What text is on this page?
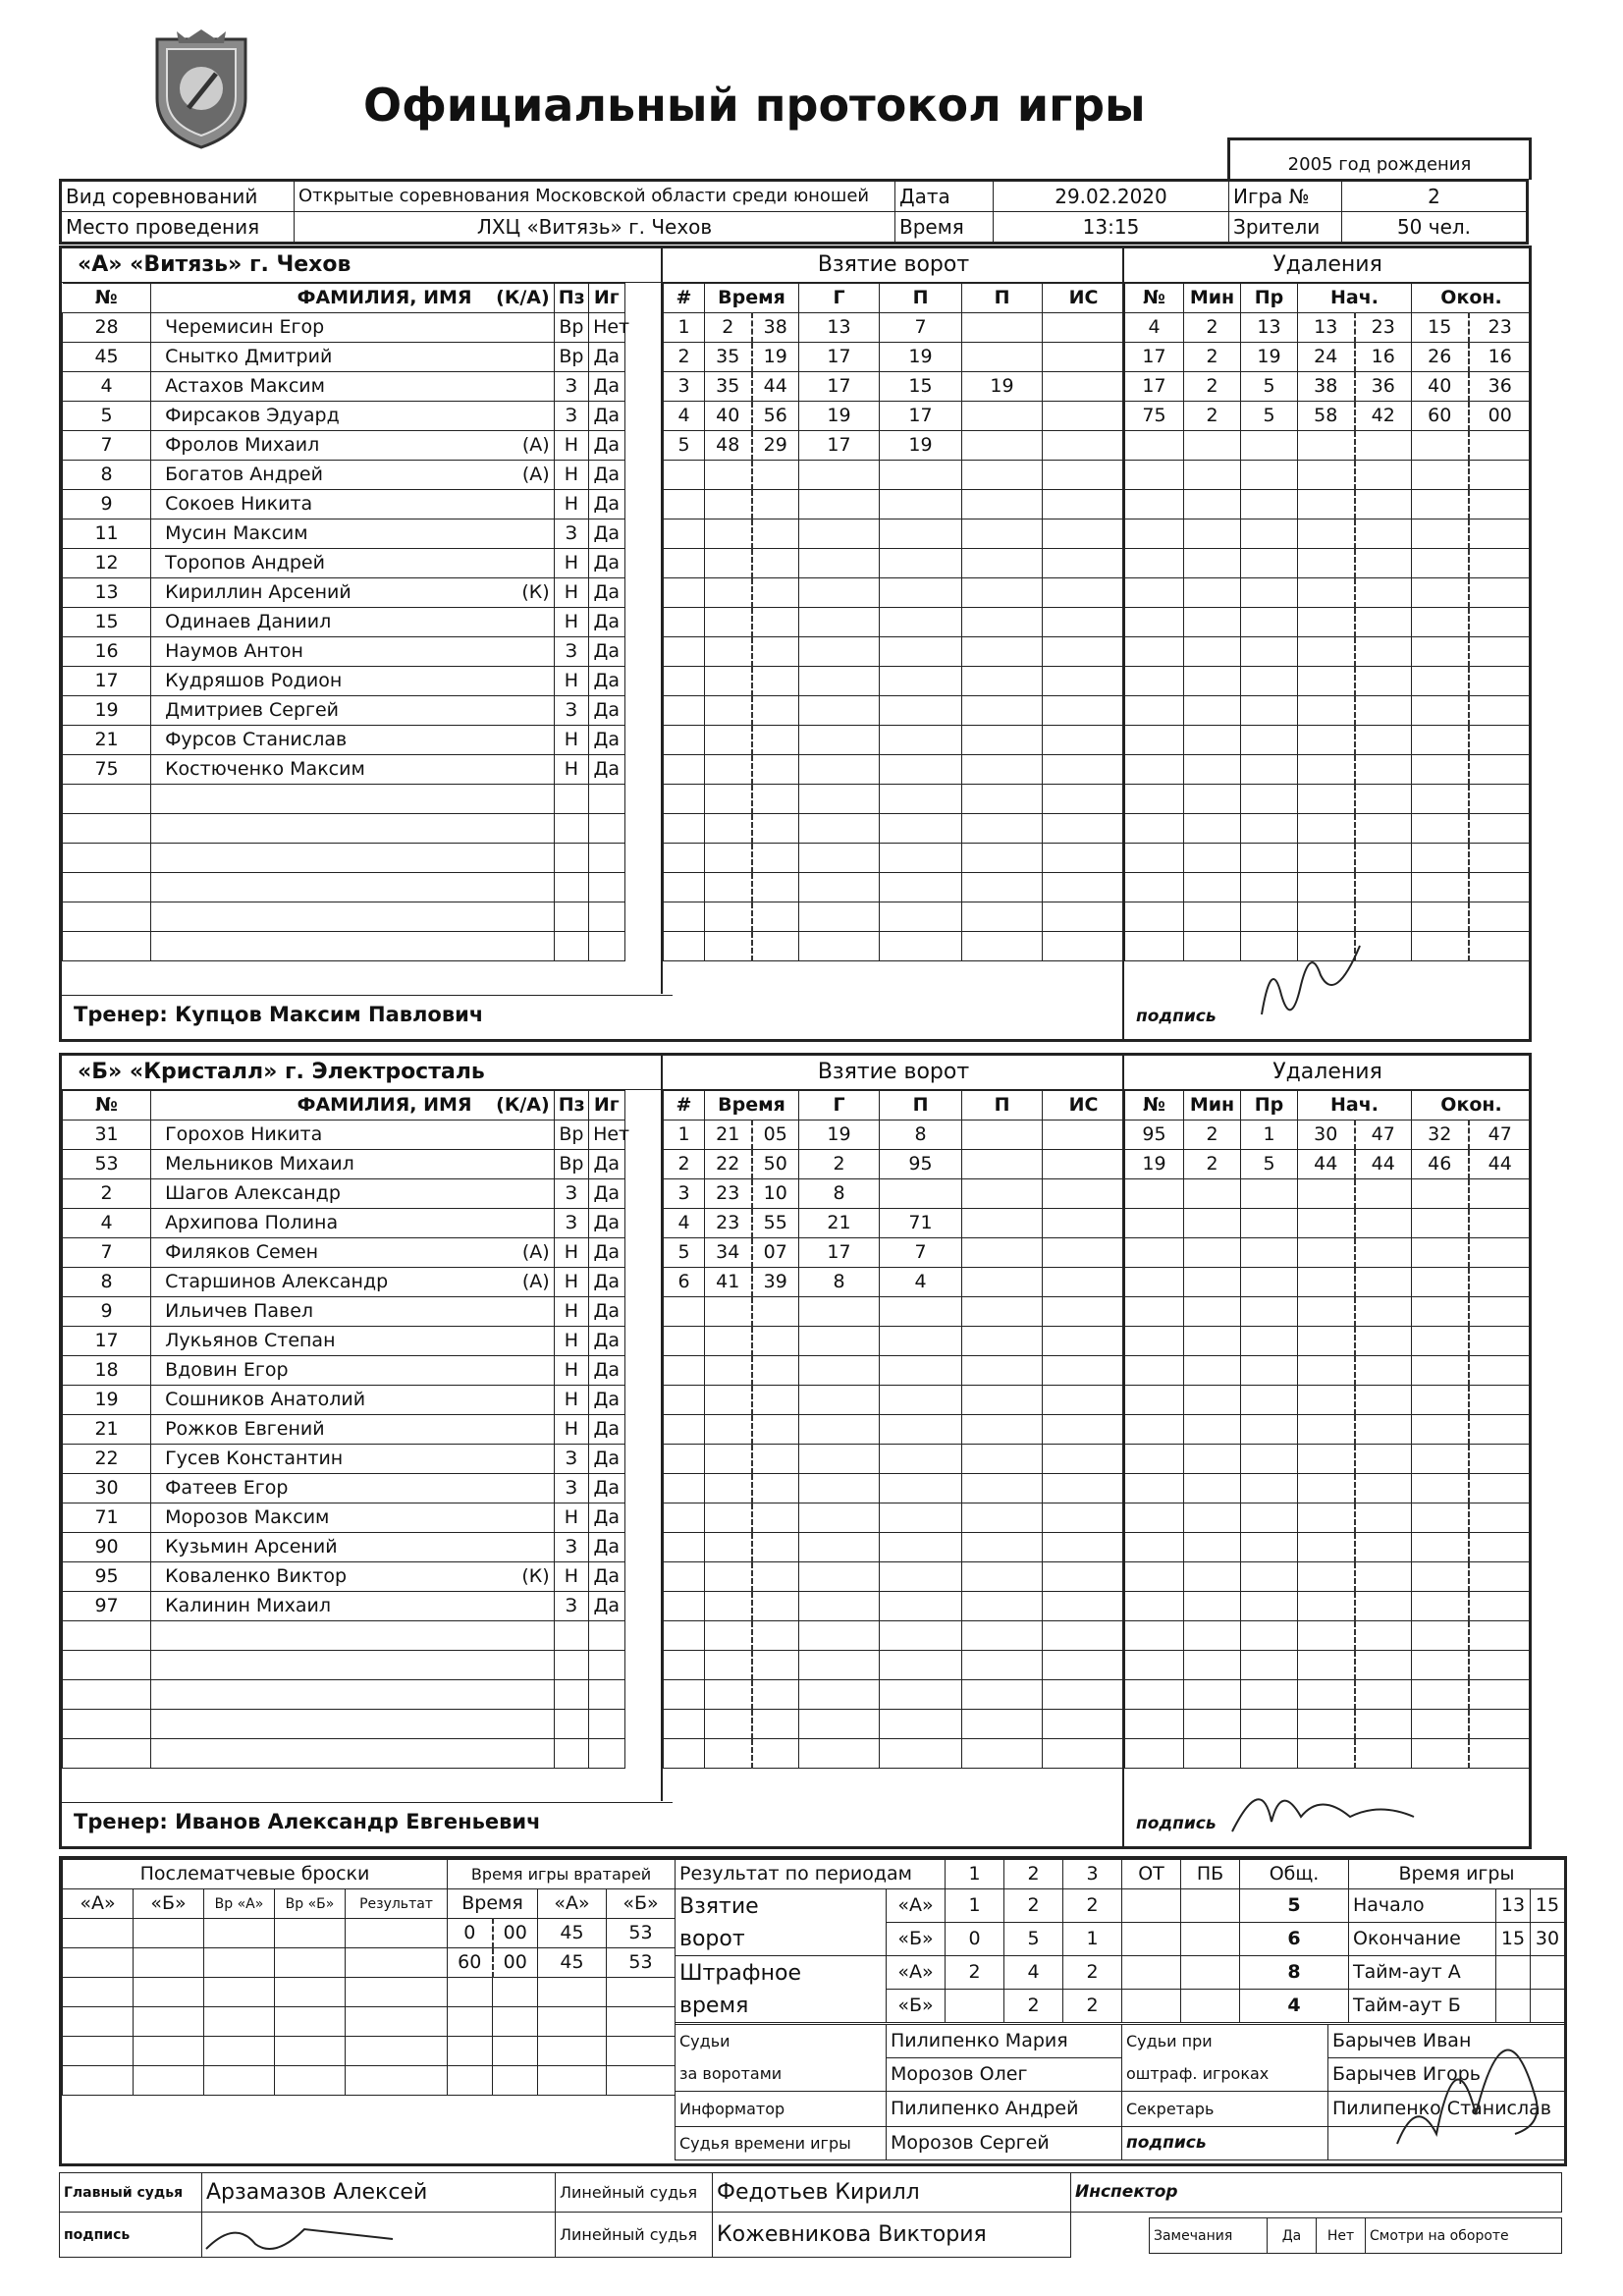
Официальный протокол игры
2005 год рождения
Вид соревнований	Открытые соревнования Московской области среди юношей	Дата	29.02.2020	Игра №	2
Место проведения	ЛХЦ «Витязь» г. Чехов	Время	13:15	Зрители	50 чел.
«А» «Витязь» г. Чехов
№	ФАМИЛИЯ, ИМЯ (К/А)	Пз	Иг
28	Черемисин Егор	Вр	Нет
45	Снытко Дмитрий	Вр	Да
4	Астахов Максим	З	Да
5	Фирсаков Эдуард	З	Да
7	Фролов Михаил (А)	Н	Да
8	Богатов Андрей (А)	Н	Да
9	Сокоев Никита	Н	Да
11	Мусин Максим	З	Да
12	Торопов Андрей	Н	Да
13	Кириллин Арсений (К)	Н	Да
15	Одинаев Даниил	Н	Да
16	Наумов Антон	З	Да
17	Кудряшов Родион	Н	Да
19	Дмитриев Сергей	З	Да
21	Фурсов Станислав	Н	Да
75	Костюченко Максим	Н	Да

Тренер: Купцов Максим Павлович
Взятие ворот
#	Время		Г	П	П	ИС
1	2	38	13	7		
2	35	19	17	19		
3	35	44	17	15	19	
4	40	56	19	17		
5	48	29	17	19		

Удаления
№	Мин	Пр	Нач.		Окон.	
4	2	13	13	23	15	23
17	2	19	24	16	26	16
17	2	5	38	36	40	36
75	2	5	58	42	60	00

подпись
«Б» «Кристалл» г. Электросталь
№	ФАМИЛИЯ, ИМЯ (К/А)	Пз	Иг
31	Горохов Никита	Вр	Нет
53	Мельников Михаил	Вр	Да
2	Шагов Александр	З	Да
4	Архипова Полина	З	Да
7	Филяков Семен (А)	Н	Да
8	Старшинов Александр (А)	Н	Да
9	Ильичев Павел	Н	Да
17	Лукьянов Степан	Н	Да
18	Вдовин Егор	Н	Да
19	Сошников Анатолий	Н	Да
21	Рожков Евгений	Н	Да
22	Гусев Константин	З	Да
30	Фатеев Егор	З	Да
71	Морозов Максим	Н	Да
90	Кузьмин Арсений	З	Да
95	Коваленко Виктор (К)	Н	Да
97	Калинин Михаил	З	Да

Тренер: Иванов Александр Евгеньевич
Взятие ворот
#	Время		Г	П	П	ИС
1	21	05	19	8		
2	22	50	2	95		
3	23	10	8			
4	23	55	21	71		
5	34	07	17	7		
6	41	39	8	4		

Удаления
№	Мин	Пр	Нач.		Окон.	
95	2	1	30	47	32	47
19	2	5	44	44	46	44

подпись
Послематчевые броски				
«А»	«Б»	Вр «А»	Вр «Б»	Результат

Время игры вратарей			
Время		«А»	«Б»
0	00	45	53
60	00	45	53

Результат по периодам		1	2	3	ОТ	ПБ	Общ.
Взятие
ворот	«А»	1	2	2			5
	«Б»	0	5	1			6
Штрафное
время	«А»	2	4	2			8
	«Б»		2	2			4
Время игры		
Начало	13	15
Окончание	15	30
Тайм-аут А		
Тайм-аут Б		
Судьи	Пилипенко Мария	Судьи при	Барычев Иван
за воротами	Морозов Олег	оштраф. игроках	Барычев Игорь
Информатор	Пилипенко Андрей	Секретарь	Пилипенко Станислав
Судья времени игры	Морозов Сергей	подпись	
Главный судья	Арзамазов Алексей	Линейный судья	Федотьев Кирилл
подпись		Линейный судья	Кожевникова Виктория
Инспектор
Замечания	Да	Нет	Смотри на обороте
